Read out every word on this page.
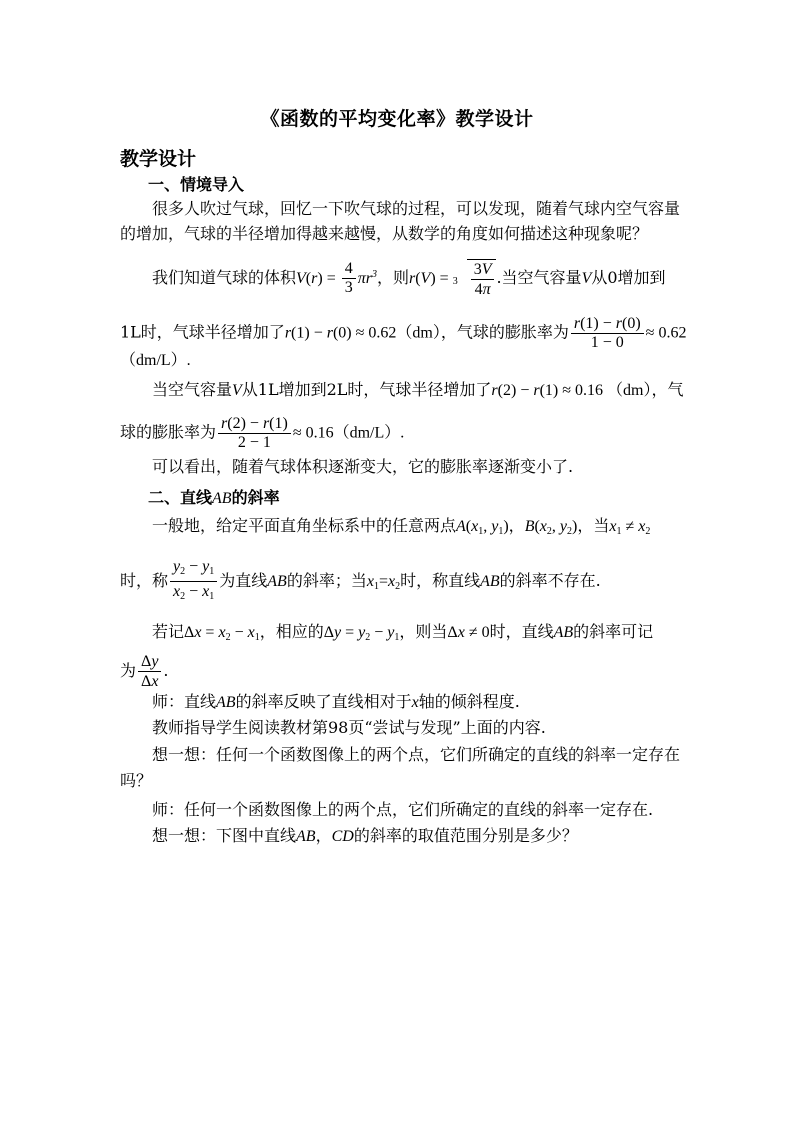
《函数的平均变化率》教学设计
教学设计
一、情境导入
很多人吹过气球，回忆一下吹气球的过程，可以发现，随着气球内空气容量
的增加，气球的半径增加得越来越慢，从数学的角度如何描述这种现象呢？
我们知道气球的体积$V(r) = \frac{4}{3} \pi r^3$，则$r(V) = 3 \frac{3V}{4\pi}$ .当空气容量V从0增加到
1L时，气球半径增加了r(1) − r(0) ≈ 0.62（dm），气球的膨胀率为 $\frac{r(1) - r(0)}{1 - 0} \approx 0.62$
（dm/L）.
当空气容量V从1L增加到2L时，气球半径增加了r(2) − r(1) ≈ 0.16 （dm），气
球的膨胀率为 $\frac{r(2) - r(1)}{2 - 1} \approx 0.16(dm/L)$.
可以看出，随着气球体积逐渐变大，它的膨胀率逐渐变小了.
二、直线AB的斜率
一般地，给定平面直角坐标系中的任意两点$A(x_1$, $y_1$)，$B(x_2$, $y_2$)，当$x_1 \ne x_2$
时，称 $\frac{y_2 - y_1}{x_2 - x_1}$ 为直线AB的斜率；当$x_1=x_2$时，称直线AB的斜率不存在.
若记$\Delta x = x_2 - x_1$，相应的$\Delta y = y_2 - y_1$，则当Δx ≠ 0时，直线AB的斜率可记
为 $\frac{\Delta y}{\Delta x}$ .
师：直线AB的斜率反映了直线相对于x轴的倾斜程度.
教师指导学生阅读教材第98页“尝试与发现”上面的内容.
想一想：任何一个函数图像上的两个点，它们所确定的直线的斜率一定存在
吗？
师：任何一个函数图像上的两个点，它们所确定的直线的斜率一定存在.
想一想：下图中直线AB，CD的斜率的取值范围分别是多少？
